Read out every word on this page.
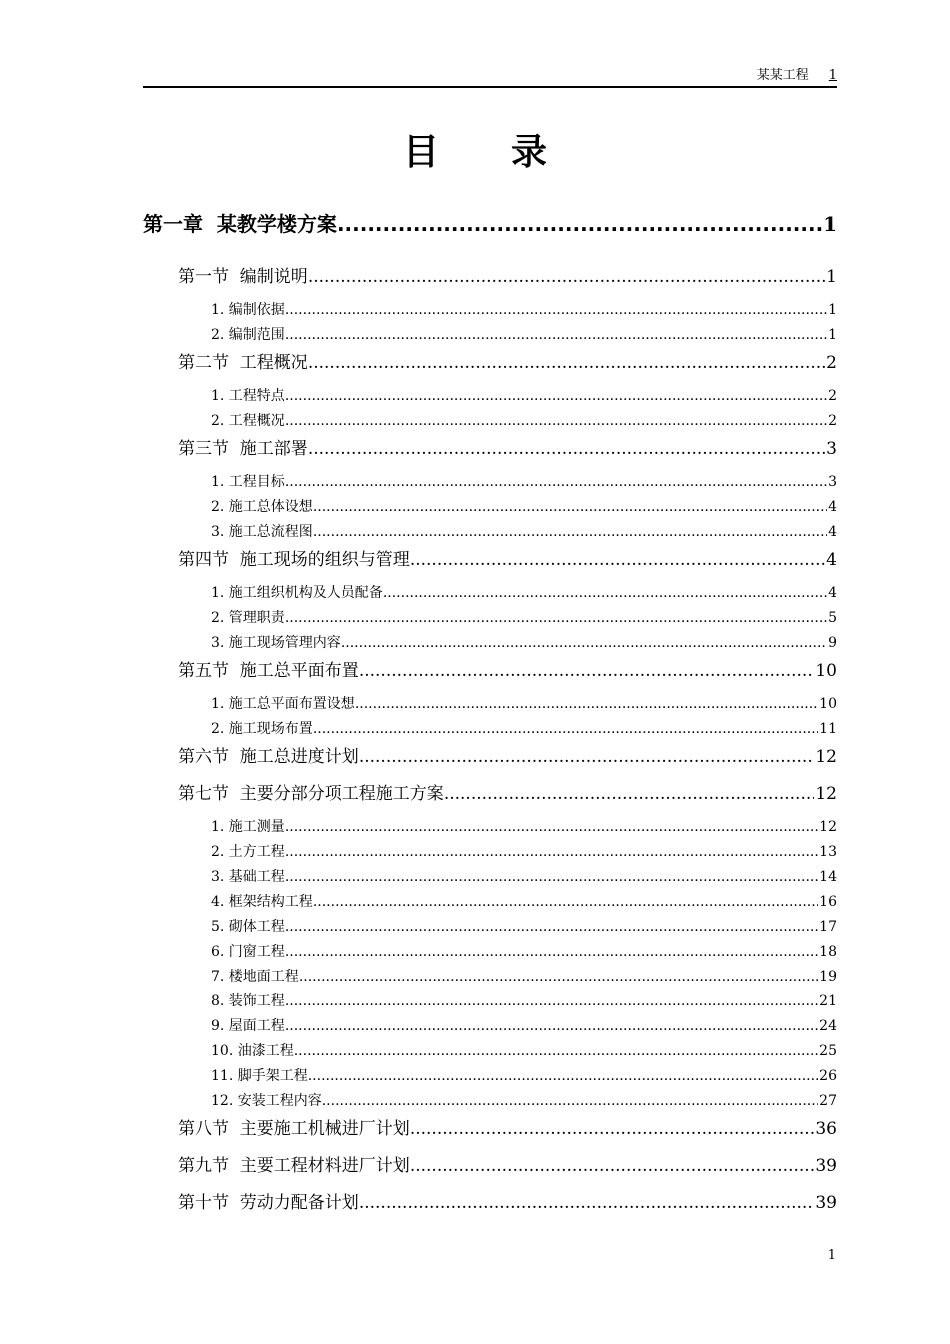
某某工程 1
目录
第一章  某教学楼方案 .....	1
第一节  编制说明 .....	1
1. 编制依据 .....	1
2. 编制范围 .....	1
第二节  工程概况 .....	2
1. 工程特点 .....	2
2. 工程概况 .....	2
第三节  施工部署 .....	3
1. 工程目标 .....	3
2. 施工总体设想 .....	4
3. 施工总流程图 .....	4
第四节  施工现场的组织与管理 .....	4
1. 施工组织机构及人员配备 .....	4
2. 管理职责 .....	5
3. 施工现场管理内容 .....	9
第五节  施工总平面布置 .....	10
1. 施工总平面布置设想 .....	10
2. 施工现场布置 .....	11
第六节  施工总进度计划 .....	12
第七节  主要分部分项工程施工方案 .....	12
1. 施工测量 .....	12
2. 土方工程 .....	13
3. 基础工程 .....	14
4. 框架结构工程 .....	16
5. 砌体工程 .....	17
6. 门窗工程 .....	18
7. 楼地面工程 .....	19
8. 装饰工程 .....	21
9. 屋面工程 .....	24
10. 油漆工程 .....	25
11. 脚手架工程 .....	26
12. 安装工程内容 .....	27
第八节  主要施工机械进厂计划 .....	36
第九节  主要工程材料进厂计划 .....	39
第十节  劳动力配备计划 .....	39
1
